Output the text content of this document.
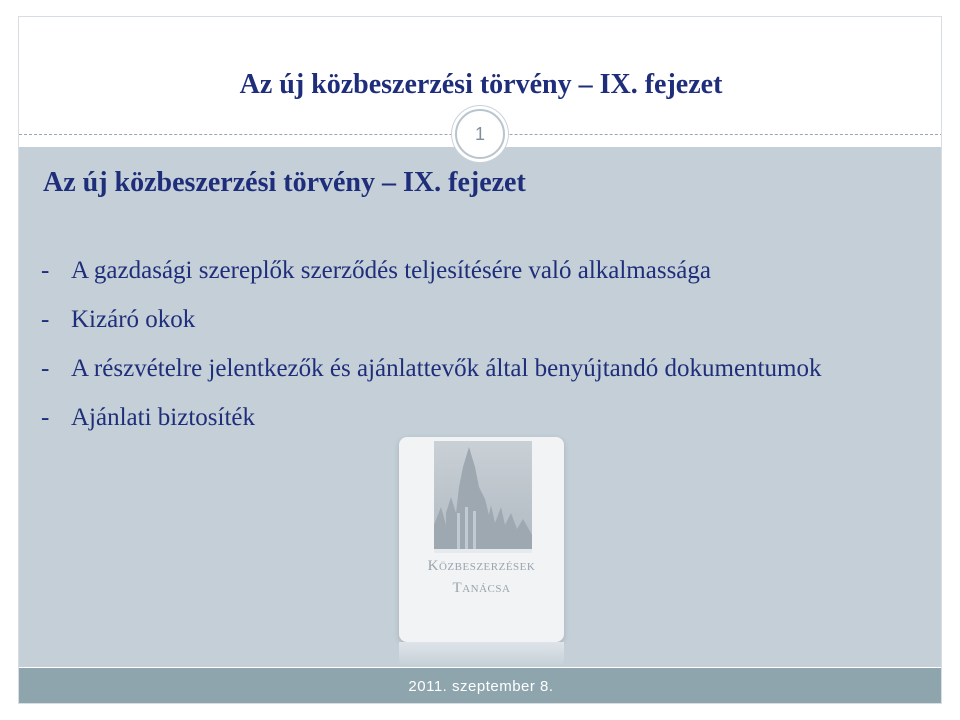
Az új közbeszerzési törvény – IX. fejezet
1
Az új közbeszerzési törvény – IX. fejezet
- A gazdasági szereplők szerződés teljesítésére való alkalmassága
- Kizáró okok
- A részvételre jelentkezők és ajánlattevők által benyújtandó dokumentumok
- Ajánlati biztosíték
Közbeszerzések
Tanácsa
2011. szeptember 8.
